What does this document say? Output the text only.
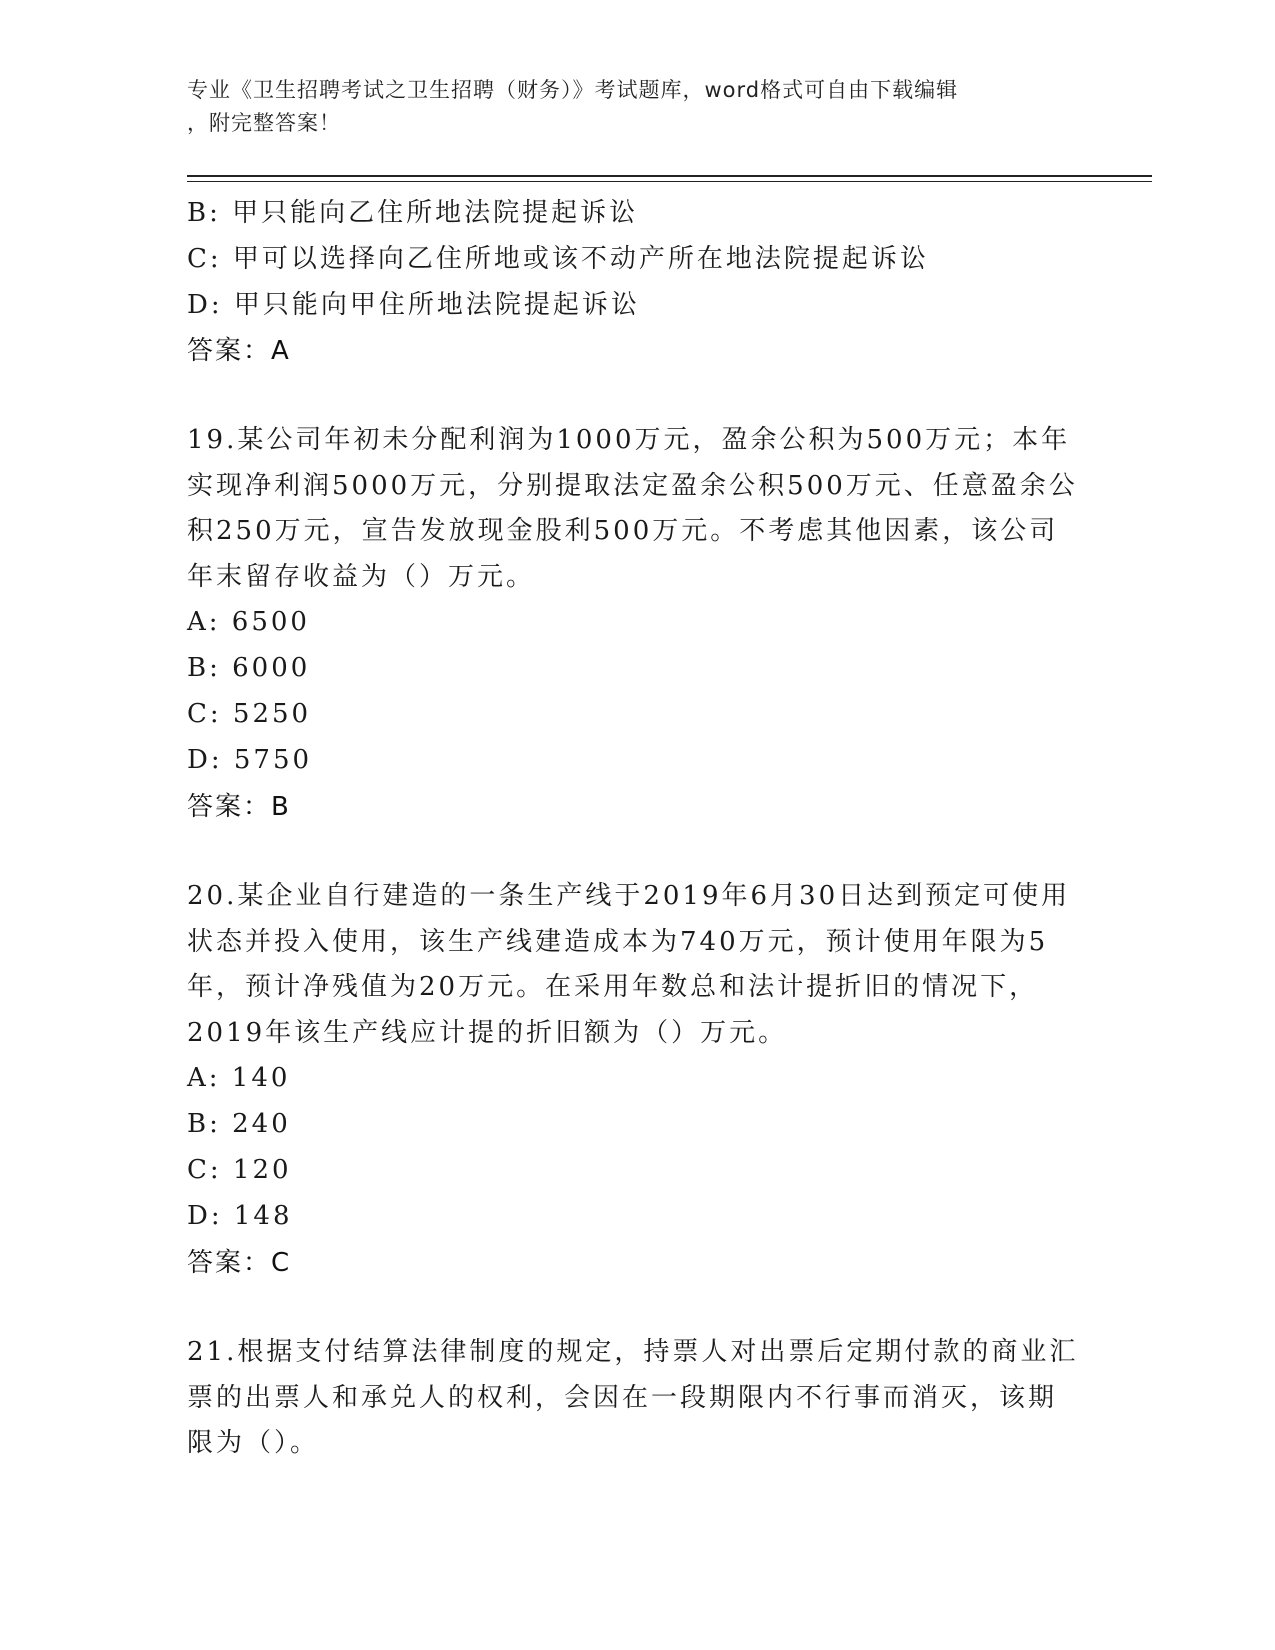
专业《卫生招聘考试之卫生招聘（财务）》考试题库，word格式可自由下载编辑
，附完整答案！
B: 甲只能向乙住所地法院提起诉讼
C: 甲可以选择向乙住所地或该不动产所在地法院提起诉讼
D: 甲只能向甲住所地法院提起诉讼
答案：A
19.某公司年初未分配利润为1000万元，盈余公积为500万元；本年
实现净利润5000万元，分别提取法定盈余公积500万元、任意盈余公
积250万元，宣告发放现金股利500万元。不考虑其他因素，该公司
年末留存收益为（）万元。
A: 6500
B: 6000
C: 5250
D: 5750
答案：B
20.某企业自行建造的一条生产线于2019年6月30日达到预定可使用
状态并投入使用，该生产线建造成本为740万元，预计使用年限为5
年，预计净残值为20万元。在采用年数总和法计提折旧的情况下，
2019年该生产线应计提的折旧额为（）万元。
A: 140
B: 240
C: 120
D: 148
答案：C
21.根据支付结算法律制度的规定，持票人对出票后定期付款的商业汇
票的出票人和承兑人的权利，会因在一段期限内不行事而消灭，该期
限为（）。
